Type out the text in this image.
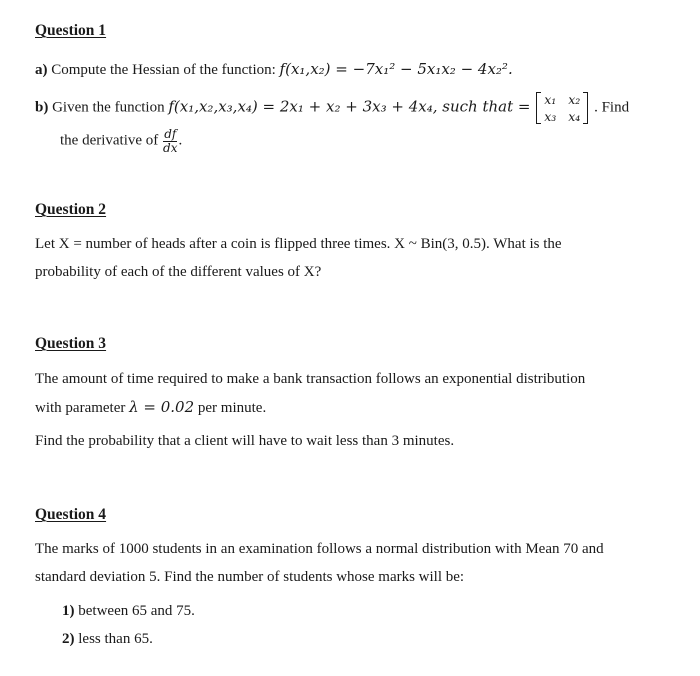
Question 1
a) Compute the Hessian of the function: f(x₁,x₂) = −7x₁² − 5x₁x₂ − 4x₂².
b) Given the function f(x₁,x₂,x₃,x₄) = 2x₁ + x₂ + 3x₃ + 4x₄, such that = x₁ x₂
x₃ x₄
. Find
the derivative of $\frac{df}{dx}$ .
Question 2
Let X = number of heads after a coin is flipped three times. X ~ Bin(3, 0.5). What is the
probability of each of the different values of X?
Question 3
The amount of time required to make a bank transaction follows an exponential distribution
with parameter λ = 0.02 per minute.
Find the probability that a client will have to wait less than 3 minutes.
Question 4
The marks of 1000 students in an examination follows a normal distribution with Mean 70 and
standard deviation 5. Find the number of students whose marks will be:
1) between 65 and 75.
2) less than 65.
